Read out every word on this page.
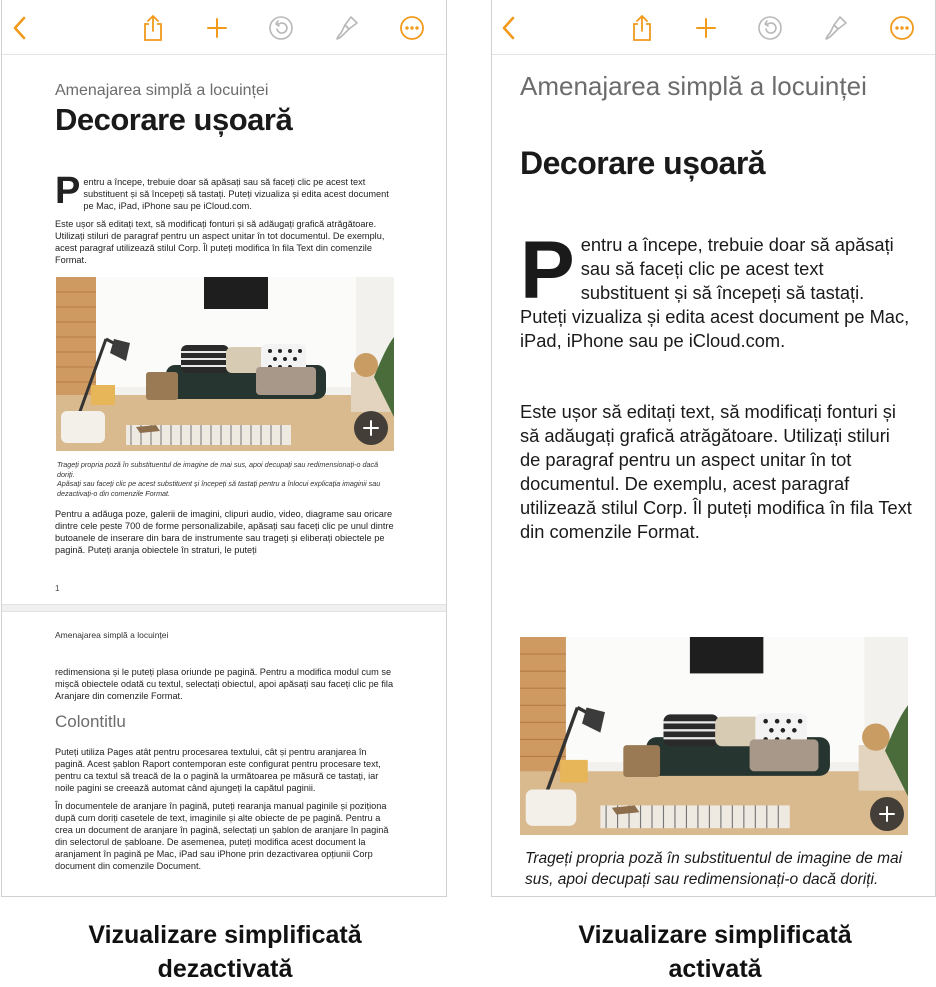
Amenajarea simplă a locuinței
Decorare ușoară
Pentru a începe, trebuie doar să apăsați sau să faceți clic pe acest text substituent și să începeți să tastați. Puteți vizualiza și edita acest document pe Mac, iPad, iPhone sau pe iCloud.com.
Este ușor să editați text, să modificați fonturi și să adăugați grafică atrăgătoare. Utilizați stiluri de paragraf pentru un aspect unitar în tot documentul. De exemplu, acest paragraf utilizează stilul Corp. Îl puteți modifica în fila Text din comenzile Format.
Trageți propria poză în substituentul de imagine de mai sus, apoi decupați sau redimensionați-o dacă doriți.
Apăsați sau faceți clic pe acest substituent și începeți să tastați pentru a înlocui explicația imaginii sau dezactivați-o din comenzile Format.
Pentru a adăuga poze, galerii de imagini, clipuri audio, video, diagrame sau oricare dintre cele peste 700 de forme personalizabile, apăsați sau faceți clic pe unul dintre butoanele de inserare din bara de instrumente sau trageți și eliberați obiectele pe pagină. Puteți aranja obiectele în straturi, le puteți
1
Amenajarea simplă a locuinței
redimensiona și le puteți plasa oriunde pe pagină. Pentru a modifica modul cum se mișcă obiectele odată cu textul, selectați obiectul, apoi apăsați sau faceți clic pe fila Aranjare din comenzile Format.
Colontitlu
Puteți utiliza Pages atât pentru procesarea textului, cât și pentru aranjarea în pagină. Acest șablon Raport contemporan este configurat pentru procesare text, pentru ca textul să treacă de la o pagină la următoarea pe măsură ce tastați, iar noile pagini se creează automat când ajungeți la capătul paginii.
În documentele de aranjare în pagină, puteți rearanja manual paginile și poziționa după cum doriți casetele de text, imaginile și alte obiecte de pe pagină. Pentru a crea un document de aranjare în pagină, selectați un șablon de aranjare în pagină din selectorul de șabloane. De asemenea, puteți modifica acest document la aranjament în pagină pe Mac, iPad sau iPhone prin dezactivarea opțiunii Corp document din comenzile Document.
Amenajarea simplă a locuinței
Decorare ușoară
Pentru a începe, trebuie doar să apăsați sau să faceți clic pe acest text substituent și să începeți să tastați. Puteți vizualiza și edita acest document pe Mac, iPad, iPhone sau pe iCloud.com.
Este ușor să editați text, să modificați fonturi și să adăugați grafică atrăgătoare. Utilizați stiluri de paragraf pentru un aspect unitar în tot documentul. De exemplu, acest paragraf utilizează stilul Corp. Îl puteți modifica în fila Text din comenzile Format.
Trageți propria poză în substituentul de imagine de mai sus, apoi decupați sau redimensionați-o dacă doriți.
Vizualizare simplificată dezactivată
Vizualizare simplificată activată
